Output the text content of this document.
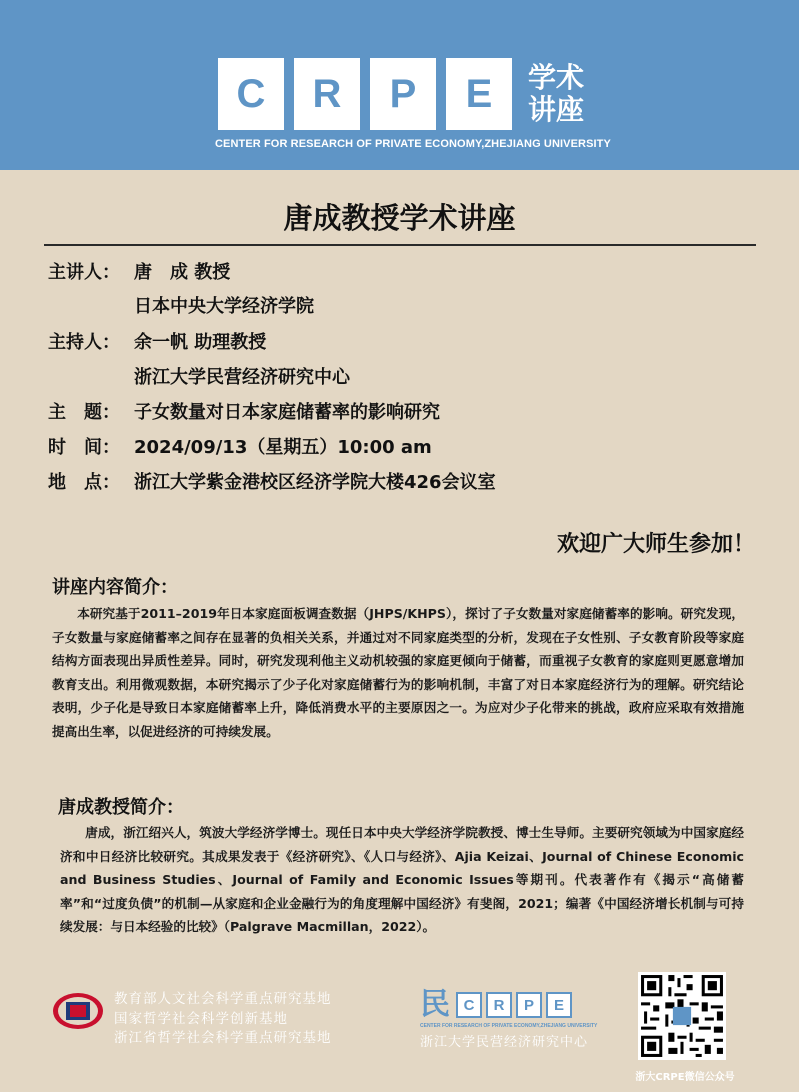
C	R	P	E	学术
讲座
CENTER FOR RESEARCH OF PRIVATE ECONOMY,ZHEJIANG UNIVERSITY
唐成教授学术讲座
主讲人： 唐　成 教授
日本中央大学经济学院
主持人： 余一帆 助理教授
浙江大学民营经济研究中心
主　题： 子女数量对日本家庭储蓄率的影响研究
时　间： 2024/09/13（星期五）10:00 am
地　点： 浙江大学紫金港校区经济学院大楼426会议室
欢迎广大师生参加！
讲座内容简介：
本研究基于2011–2019年日本家庭面板调查数据（JHPS/KHPS），探讨了子女数量对家庭储蓄率的影响。研究发现，子女数量与家庭储蓄率之间存在显著的负相关关系，并通过对不同家庭类型的分析，发现在子女性别、子女教育阶段等家庭结构方面表现出异质性差异。同时，研究发现利他主义动机较强的家庭更倾向于储蓄，而重视子女教育的家庭则更愿意增加教育支出。利用微观数据，本研究揭示了少子化对家庭储蓄行为的影响机制，丰富了对日本家庭经济行为的理解。研究结论表明，少子化是导致日本家庭储蓄率上升，降低消费水平的主要原因之一。为应对少子化带来的挑战，政府应采取有效措施提高出生率，以促进经济的可持续发展。
唐成教授简介：
唐成，浙江绍兴人，筑波大学经济学博士。现任日本中央大学经济学院教授、博士生导师。主要研究领域为中国家庭经济和中日经济比较研究。其成果发表于《经济研究》、《人口与经济》、Ajia Keizai、Journal of Chinese Economic and Business Studies、Journal of Family and Economic Issues等期刊。代表著作有《揭示“高储蓄率”和“过度负债”的机制—从家庭和企业金融行为的角度理解中国经济》有斐阁，2021；编著《中国经济增长机制与可持续发展：与日本经验的比较》（Palgrave Macmillan，2022）。
教育部人文社会科学重点研究基地
国家哲学社会科学创新基地
浙江省哲学社会科学重点研究基地
民 C	R	P	E
CENTER FOR RESEARCH OF PRIVATE ECONOMY,ZHEJIANG UNIVERSITY
浙江大学民营经济研究中心
浙大CRPE微信公众号
